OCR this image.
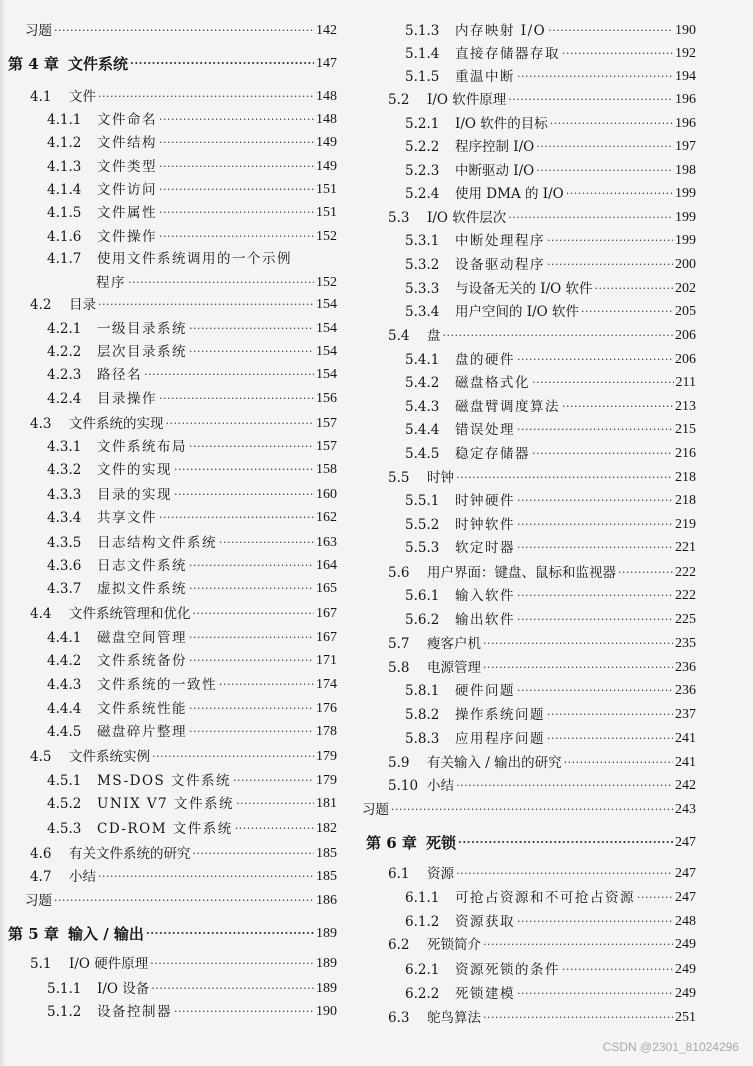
习题 ·····	142
第 4 章 文件系统 ·····	147
4.1	文件 ·····	148
4.1.1	文件命名 ·····	148
4.1.2	文件结构 ·····	149
4.1.3	文件类型 ·····	149
4.1.4	文件访问 ·····	151
4.1.5	文件属性 ·····	151
4.1.6	文件操作 ·····	152
4.1.7	使用文件系统调用的一个示例
程序 ·····	152
4.2	目录 ·····	154
4.2.1	一级目录系统 ·····	154
4.2.2	层次目录系统 ·····	154
4.2.3	路径名 ·····	154
4.2.4	目录操作 ·····	156
4.3	文件系统的实现 ·····	157
4.3.1	文件系统布局 ·····	157
4.3.2	文件的实现 ·····	158
4.3.3	目录的实现 ·····	160
4.3.4	共享文件 ·····	162
4.3.5	日志结构文件系统 ·····	163
4.3.6	日志文件系统 ·····	164
4.3.7	虚拟文件系统 ·····	165
4.4	文件系统管理和优化 ·····	167
4.4.1	磁盘空间管理 ·····	167
4.4.2	文件系统备份 ·····	171
4.4.3	文件系统的一致性 ·····	174
4.4.4	文件系统性能 ·····	176
4.4.5	磁盘碎片整理 ·····	178
4.5	文件系统实例 ·····	179
4.5.1	MS-DOS 文件系统 ·····	179
4.5.2	UNIX V7 文件系统 ·····	181
4.5.3	CD-ROM 文件系统 ·····	182
4.6	有关文件系统的研究 ·····	185
4.7	小结 ·····	185
习题 ·····	186
第 5 章 输入 / 输出 ·····	189
5.1	I/O 硬件原理 ·····	189
5.1.1	I/O 设备 ·····	189
5.1.2	设备控制器 ·····	190
5.1.3	内存映射 I/O ·····	190
5.1.4	直接存储器存取 ·····	192
5.1.5	重温中断 ·····	194
5.2	I/O 软件原理 ·····	196
5.2.1	I/O 软件的目标 ·····	196
5.2.2	程序控制 I/O ·····	197
5.2.3	中断驱动 I/O ·····	198
5.2.4	使用 DMA 的 I/O ·····	199
5.3	I/O 软件层次 ·····	199
5.3.1	中断处理程序 ·····	199
5.3.2	设备驱动程序 ·····	200
5.3.3	与设备无关的 I/O 软件 ·····	202
5.3.4	用户空间的 I/O 软件 ·····	205
5.4	盘 ·····	206
5.4.1	盘的硬件 ·····	206
5.4.2	磁盘格式化 ·····	211
5.4.3	磁盘臂调度算法 ·····	213
5.4.4	错误处理 ·····	215
5.4.5	稳定存储器 ·····	216
5.5	时钟 ·····	218
5.5.1	时钟硬件 ·····	218
5.5.2	时钟软件 ·····	219
5.5.3	软定时器 ·····	221
5.6	用户界面：键盘、鼠标和监视器 ·····	222
5.6.1	输入软件 ·····	222
5.6.2	输出软件 ·····	225
5.7	瘦客户机 ·····	235
5.8	电源管理 ·····	236
5.8.1	硬件问题 ·····	236
5.8.2	操作系统问题 ·····	237
5.8.3	应用程序问题 ·····	241
5.9	有关输入 / 输出的研究 ·····	241
5.10 小结 ·····	242
习题 ·····	243
第 6 章 死锁 ·····	247
6.1	资源 ·····	247
6.1.1	可抢占资源和不可抢占资源 ·····	247
6.1.2	资源获取 ·····	248
6.2	死锁简介 ·····	249
6.2.1	资源死锁的条件 ·····	249
6.2.2	死锁建模 ·····	249
6.3	鸵鸟算法 ·····	251
CSDN @2301_81024296
